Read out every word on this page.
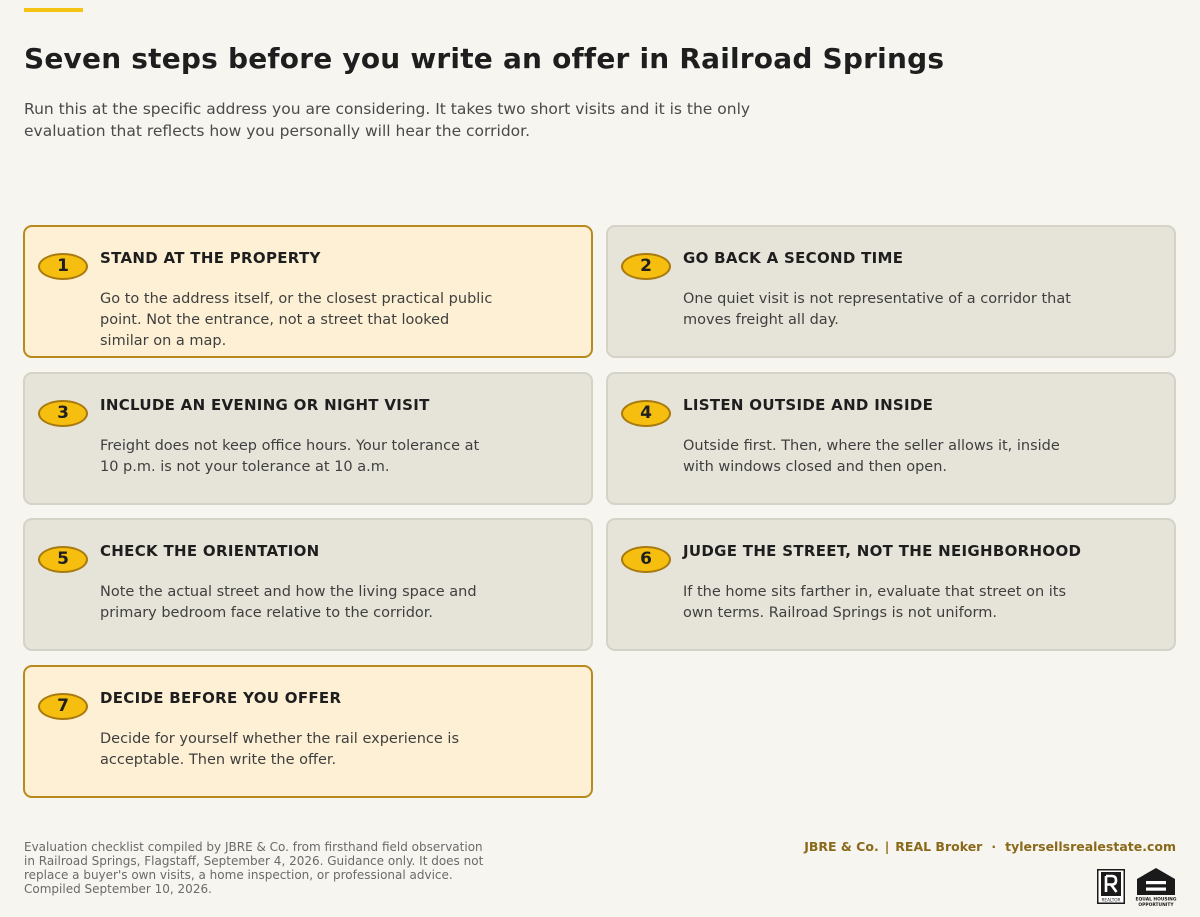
Seven steps before you write an offer in Railroad Springs

Run this at the specific address you are considering. It takes two short visits and it is the only evaluation that reflects how you personally will hear the corridor.

1	STAND AT THE PROPERTY

Go to the address itself, or the closest practical public point. Not the entrance, not a street that looked similar on a map.

2	GO BACK A SECOND TIME

One quiet visit is not representative of a corridor that moves freight all day.

3	INCLUDE AN EVENING OR NIGHT VISIT

Freight does not keep office hours. Your tolerance at 10 p.m. is not your tolerance at 10 a.m.

4	LISTEN OUTSIDE AND INSIDE

Outside first. Then, where the seller allows it, inside with windows closed and then open.

5	CHECK THE ORIENTATION

Note the actual street and how the living space and primary bedroom face relative to the corridor.

6	JUDGE THE STREET, NOT THE NEIGHBORHOOD

If the home sits farther in, evaluate that street on its own terms. Railroad Springs is not uniform.

7	DECIDE BEFORE YOU OFFER

Decide for yourself whether the rail experience is acceptable. Then write the offer.

Evaluation checklist compiled by JBRE & Co. from firsthand field observation in Railroad Springs, Flagstaff, September 4, 2026. Guidance only. It does not replace a buyer's own visits, a home inspection, or professional advice. Compiled September 10, 2026.

JBRE & Co. | REAL Broker · tylersellsrealestate.com
REALTOR	EQUAL HOUSING
OPPORTUNITY
